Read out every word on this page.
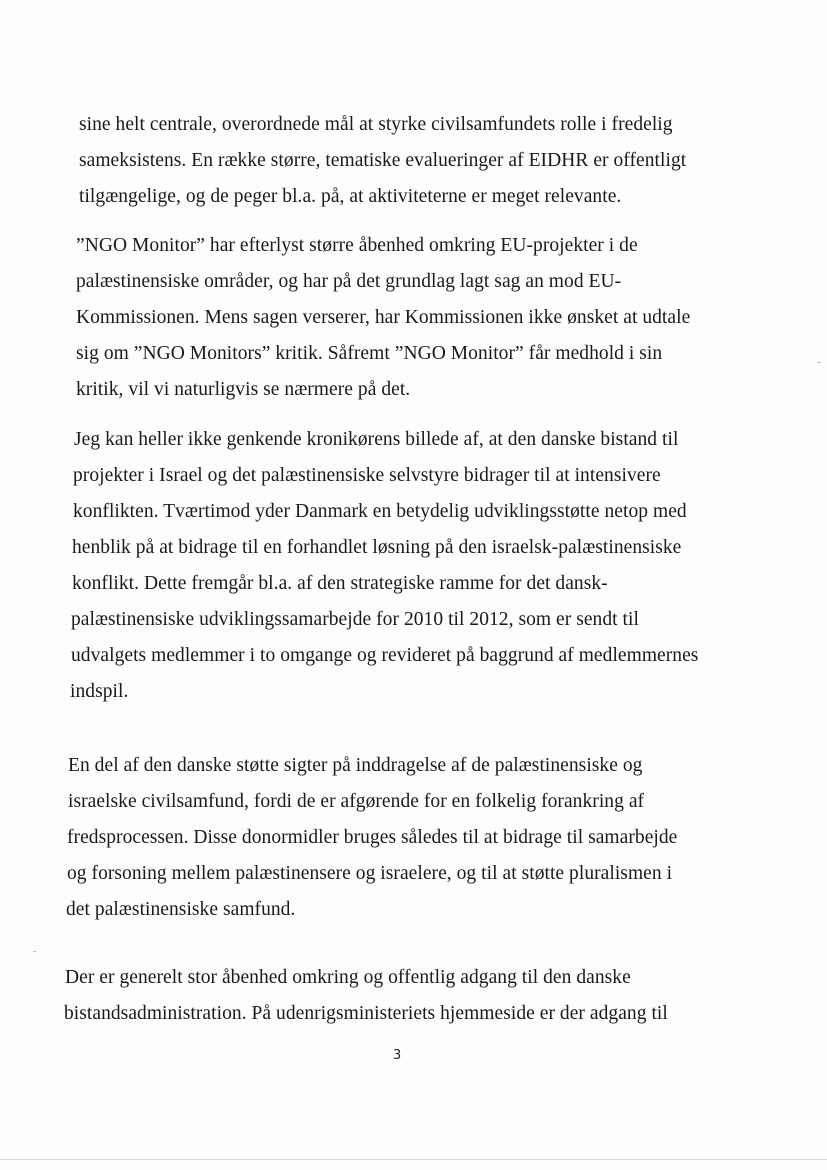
sine helt centrale, overordnede mål at styrke civilsamfundets rolle i fredelig
sameksistens. En række større, tematiske evalueringer af EIDHR er offentligt
tilgængelige, og de peger bl.a. på, at aktiviteterne er meget relevante.
”NGO Monitor” har efterlyst større åbenhed omkring EU-projekter i de
palæstinensiske områder, og har på det grundlag lagt sag an mod EU-
Kommissionen. Mens sagen verserer, har Kommissionen ikke ønsket at udtale
sig om ”NGO Monitors” kritik. Såfremt ”NGO Monitor” får medhold i sin
kritik, vil vi naturligvis se nærmere på det.
Jeg kan heller ikke genkende kronikørens billede af, at den danske bistand til
projekter i Israel og det palæstinensiske selvstyre bidrager til at intensivere
konflikten. Tværtimod yder Danmark en betydelig udviklingsstøtte netop med
henblik på at bidrage til en forhandlet løsning på den israelsk-palæstinensiske
konflikt. Dette fremgår bl.a. af den strategiske ramme for det dansk-
palæstinensiske udviklingssamarbejde for 2010 til 2012, som er sendt til
udvalgets medlemmer i to omgange og revideret på baggrund af medlemmernes
indspil.
En del af den danske støtte sigter på inddragelse af de palæstinensiske og
israelske civilsamfund, fordi de er afgørende for en folkelig forankring af
fredsprocessen. Disse donormidler bruges således til at bidrage til samarbejde
og forsoning mellem palæstinensere og israelere, og til at støtte pluralismen i
det palæstinensiske samfund.
Der er generelt stor åbenhed omkring og offentlig adgang til den danske
bistandsadministration. På udenrigsministeriets hjemmeside er der adgang til
3
